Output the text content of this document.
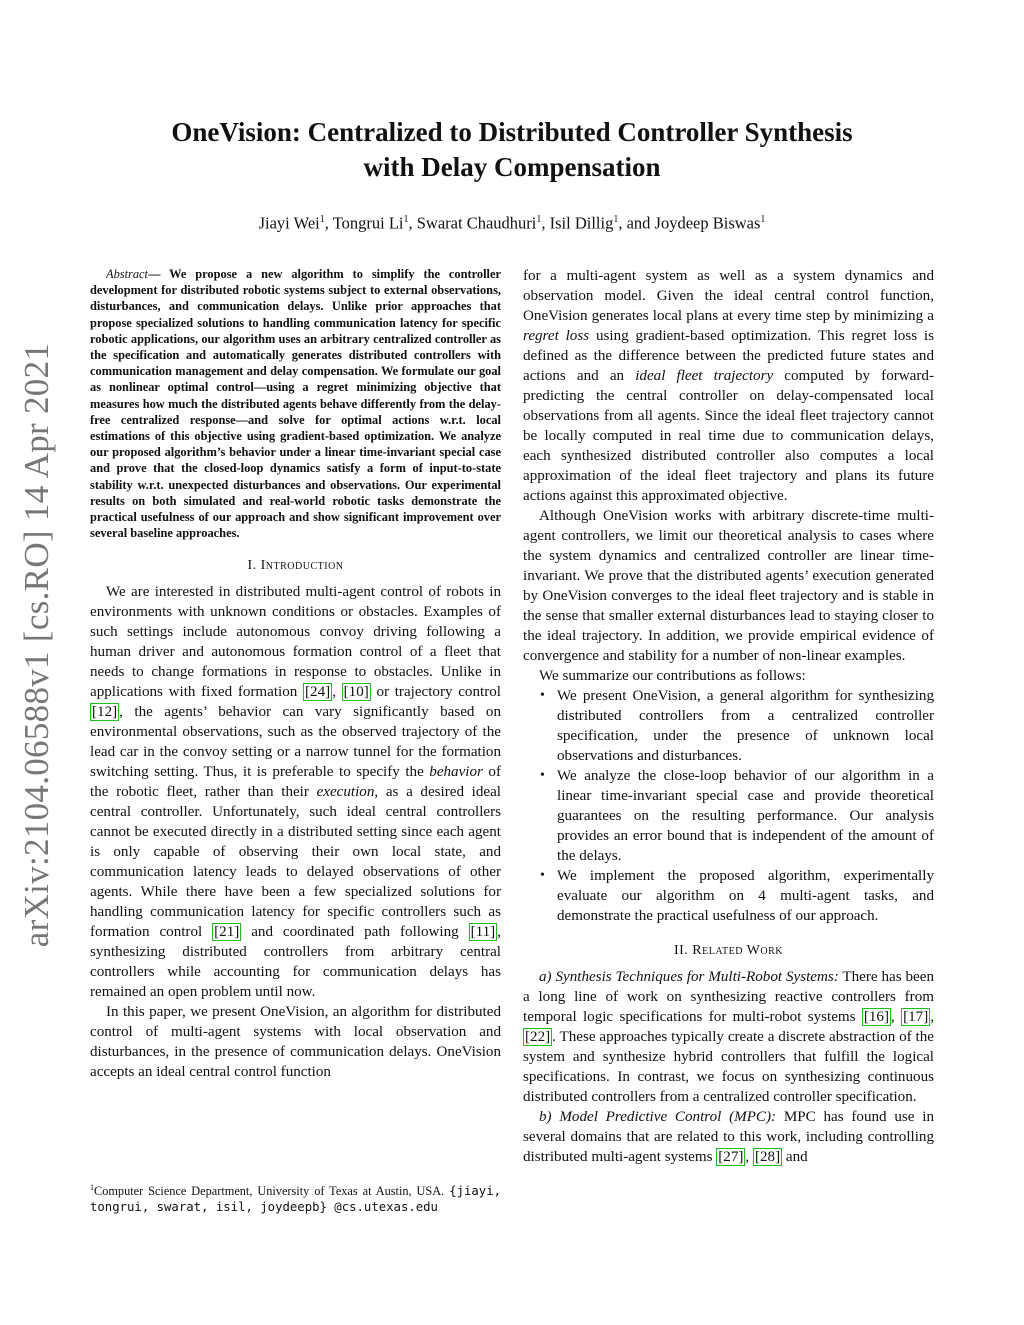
arXiv:2104.06588v1 [cs.RO] 14 Apr 2021
OneVision: Centralized to Distributed Controller Synthesis
with Delay Compensation
Jiayi Wei$^1$, Tongrui Li$^1$, Swarat Chaudhuri$^1$, Isil Dillig$^1$, and Joydeep Biswas$^1$

Abstract— We propose a new algorithm to simplify the controller development for distributed robotic systems subject to external observations, disturbances, and communication delays. Unlike prior approaches that propose specialized solutions to handling communication latency for specific robotic applications, our algorithm uses an arbitrary centralized controller as the specification and automatically generates distributed controllers with communication management and delay compensation. We formulate our goal as nonlinear optimal control—using a regret minimizing objective that measures how much the distributed agents behave differently from the delay-free centralized response—and solve for optimal actions w.r.t. local estimations of this objective using gradient-based optimization. We analyze our proposed algorithm’s behavior under a linear time-invariant special case and prove that the closed-loop dynamics satisfy a form of input-to-state stability w.r.t. unexpected disturbances and observations. Our experimental results on both simulated and real-world robotic tasks demonstrate the practical usefulness of our approach and show significant improvement over several baseline approaches.

I. Introduction

We are interested in distributed multi-agent control of robots in environments with unknown conditions or obstacles. Examples of such settings include autonomous convoy driving following a human driver and autonomous formation control of a fleet that needs to change formations in response to obstacles. Unlike in applications with fixed formation [24] , [10] or trajectory control [12] , the agents’ behavior can vary significantly based on environmental observations, such as the observed trajectory of the lead car in the convoy setting or a narrow tunnel for the formation switching setting. Thus, it is preferable to specify the behavior of the robotic fleet, rather than their execution, as a desired ideal central controller. Unfortunately, such ideal central controllers cannot be executed directly in a distributed setting since each agent is only capable of observing their own local state, and communication latency leads to delayed observations of other agents. While there have been a few specialized solutions for handling communication latency for specific controllers such as formation control [21] and coordinated path following [11] , synthesizing distributed controllers from arbitrary central controllers while accounting for communication delays has remained an open problem until now.

In this paper, we present OneVision, an algorithm for distributed control of multi-agent systems with local observation and disturbances, in the presence of communication delays. OneVision accepts an ideal central control function

$^1$Computer Science Department, University of Texas at Austin, USA. {jiayi, tongrui, swarat, isil, joydeepb} @cs.utexas.edu

for a multi-agent system as well as a system dynamics and observation model. Given the ideal central control function, OneVision generates local plans at every time step by minimizing a regret loss using gradient-based optimization. This regret loss is defined as the difference between the predicted future states and actions and an ideal fleet trajectory computed by forward-predicting the central controller on delay-compensated local observations from all agents. Since the ideal fleet trajectory cannot be locally computed in real time due to communication delays, each synthesized distributed controller also computes a local approximation of the ideal fleet trajectory and plans its future actions against this approximated objective.

Although OneVision works with arbitrary discrete-time multi-agent controllers, we limit our theoretical analysis to cases where the system dynamics and centralized controller are linear time-invariant. We prove that the distributed agents’ execution generated by OneVision converges to the ideal fleet trajectory and is stable in the sense that smaller external disturbances lead to staying closer to the ideal trajectory. In addition, we provide empirical evidence of convergence and stability for a number of non-linear examples.

We summarize our contributions as follows:

• We present OneVision, a general algorithm for synthesizing distributed controllers from a centralized controller specification, under the presence of unknown local observations and disturbances.
• We analyze the close-loop behavior of our algorithm in a linear time-invariant special case and provide theoretical guarantees on the resulting performance. Our analysis provides an error bound that is independent of the amount of the delays.
• We implement the proposed algorithm, experimentally evaluate our algorithm on 4 multi-agent tasks, and demonstrate the practical usefulness of our approach.
II. Related Work

a) Synthesis Techniques for Multi-Robot Systems: There has been a long line of work on synthesizing reactive controllers from temporal logic specifications for multi-robot systems [16] , [17] , [22] . These approaches typically create a discrete abstraction of the system and synthesize hybrid controllers that fulfill the logical specifications. In contrast, we focus on synthesizing continuous distributed controllers from a centralized controller specification.

b) Model Predictive Control (MPC): MPC has found use in several domains that are related to this work, including controlling distributed multi-agent systems [27] , [28] and
